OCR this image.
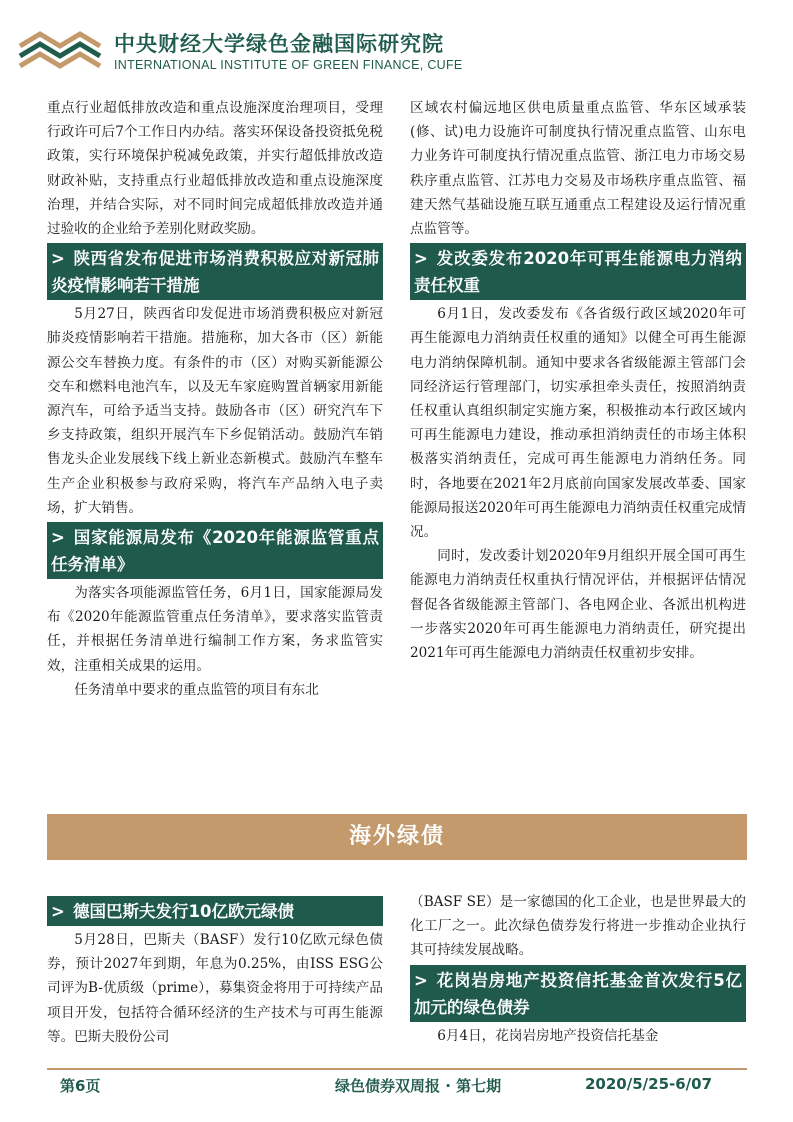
中央财经大学绿色金融国际研究院
INTERNATIONAL INSTITUTE OF GREEN FINANCE, CUFE

重点行业超低排放改造和重点设施深度治理项目，受理行政许可后7个工作日内办结。落实环保设备投资抵免税政策，实行环境保护税减免政策，并实行超低排放改造财政补贴，支持重点行业超低排放改造和重点设施深度治理，并结合实际，对不同时间完成超低排放改造并通过验收的企业给予差别化财政奖励。

> 陕西省发布促进市场消费积极应对新冠肺炎疫情影响若干措施

5月27日，陕西省印发促进市场消费积极应对新冠肺炎疫情影响若干措施。措施称，加大各市（区）新能源公交车替换力度。有条件的市（区）对购买新能源公交车和燃料电池汽车，以及无车家庭购置首辆家用新能源汽车，可给予适当支持。鼓励各市（区）研究汽车下乡支持政策，组织开展汽车下乡促销活动。鼓励汽车销售龙头企业发展线下线上新业态新模式。鼓励汽车整车生产企业积极参与政府采购，将汽车产品纳入电子卖场，扩大销售。

> 国家能源局发布《2020年能源监管重点任务清单》

为落实各项能源监管任务，6月1日，国家能源局发布《2020年能源监管重点任务清单》，要求落实监管责任，并根据任务清单进行编制工作方案，务求监管实效，注重相关成果的运用。

任务清单中要求的重点监管的项目有东北

区域农村偏远地区供电质量重点监管、华东区域承装(修、试)电力设施许可制度执行情况重点监管、山东电力业务许可制度执行情况重点监管、浙江电力市场交易秩序重点监管、江苏电力交易及市场秩序重点监管、福建天然气基础设施互联互通重点工程建设及运行情况重点监管等。

> 发改委发布2020年可再生能源电力消纳责任权重

6月1日，发改委发布《各省级行政区域2020年可再生能源电力消纳责任权重的通知》以健全可再生能源电力消纳保障机制。通知中要求各省级能源主管部门会同经济运行管理部门，切实承担牵头责任，按照消纳责任权重认真组织制定实施方案，积极推动本行政区域内可再生能源电力建设，推动承担消纳责任的市场主体积极落实消纳责任，完成可再生能源电力消纳任务。同时，各地要在2021年2月底前向国家发展改革委、国家能源局报送2020年可再生能源电力消纳责任权重完成情况。

同时，发改委计划2020年9月组织开展全国可再生能源电力消纳责任权重执行情况评估，并根据评估情况督促各省级能源主管部门、各电网企业、各派出机构进一步落实2020年可再生能源电力消纳责任，研究提出2021年可再生能源电力消纳责任权重初步安排。

海外绿债
> 德国巴斯夫发行10亿欧元绿债

5月28日，巴斯夫（BASF）发行10亿欧元绿色债券，预计2027年到期，年息为0.25%，由ISS ESG公司评为B-优质级（prime），募集资金将用于可持续产品项目开发，包括符合循环经济的生产技术与可再生能源等。巴斯夫股份公司

（BASF SE）是一家德国的化工企业，也是世界最大的化工厂之一。此次绿色债券发行将进一步推动企业执行其可持续发展战略。

> 花岗岩房地产投资信托基金首次发行5亿加元的绿色债券

6月4日，花岗岩房地产投资信托基金

第6页	绿色债券双周报 · 第七期	2020/5/25-6/07
